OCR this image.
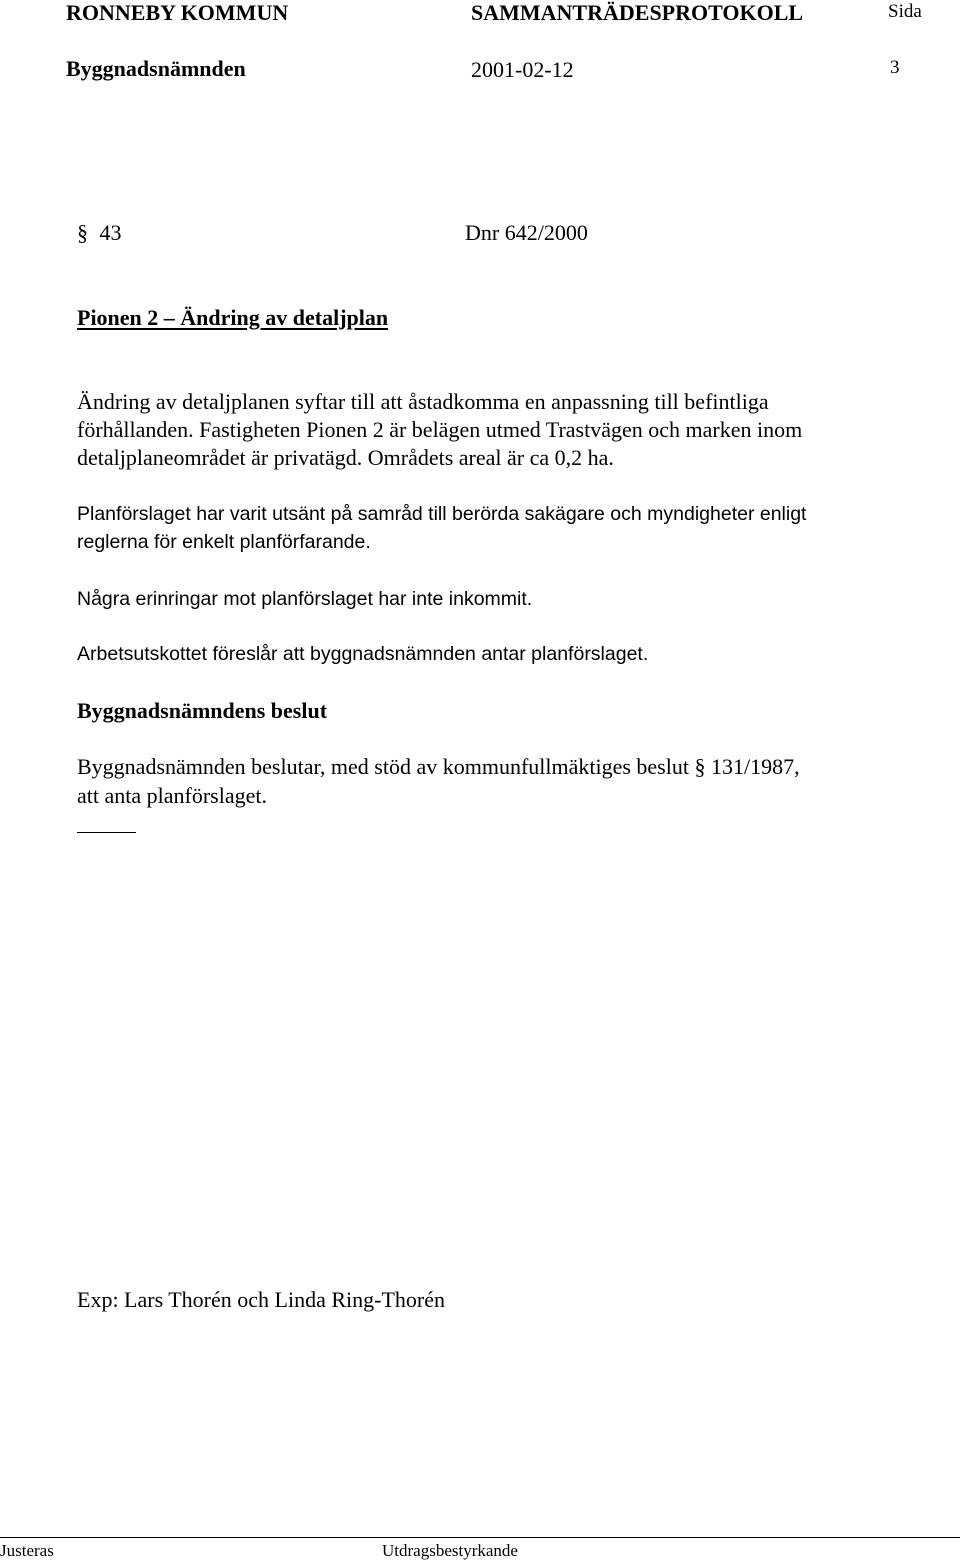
RONNEBY KOMMUN	SAMMANTRÄDESPROTOKOLL	Sida
Byggnadsnämnden	2001-02-12	3
§ 43	Dnr 642/2000
Pionen 2 – Ändring av detaljplan
Ändring av detaljplanen syftar till att åstadkomma en anpassning till befintliga
förhållanden. Fastigheten Pionen 2 är belägen utmed Trastvägen och marken inom
detaljplaneområdet är privatägd. Områdets areal är ca 0,2 ha.
Planförslaget har varit utsänt på samråd till berörda sakägare och myndigheter enligt
reglerna för enkelt planförfarande.
Några erinringar mot planförslaget har inte inkommit.
Arbetsutskottet föreslår att byggnadsnämnden antar planförslaget.
Byggnadsnämndens beslut
Byggnadsnämnden beslutar, med stöd av kommunfullmäktiges beslut § 131/1987,
att anta planförslaget.
Exp: Lars Thorén och Linda Ring-Thorén
Justeras	Utdragsbestyrkande
